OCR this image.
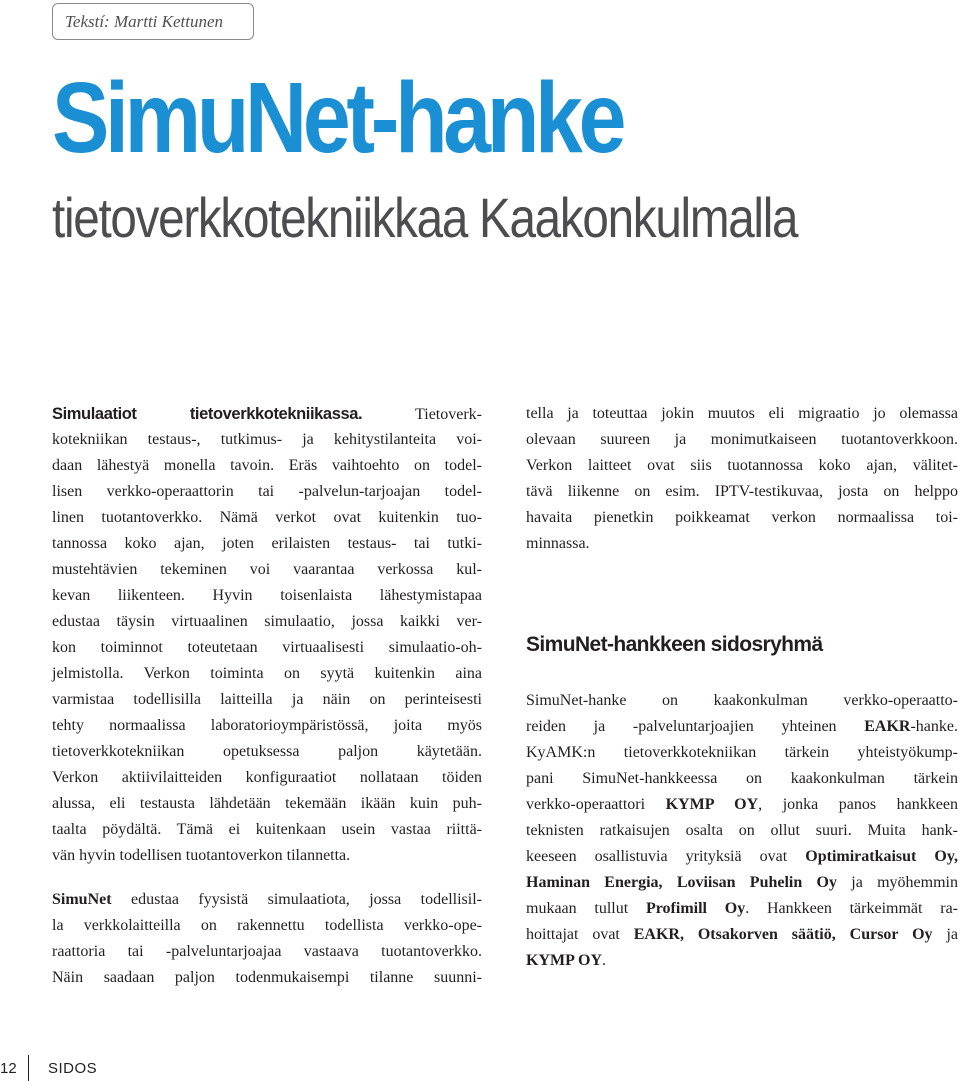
Tekstí: Martti Kettunen
SimuNet-hanke
tietoverkkotekniikkaa Kaakonkulmalla

Simulaatiot tietoverkkotekniikassa. Tietoverk-
kotekniikan testaus-, tutkimus- ja kehitystilanteita voi-
daan lähestyä monella tavoin. Eräs vaihtoehto on todel-
lisen verkko-operaattorin tai -palvelun-tarjoajan todel-
linen tuotantoverkko. Nämä verkot ovat kuitenkin tuo-
tannossa koko ajan, joten erilaisten testaus- tai tutki-
mustehtävien tekeminen voi vaarantaa verkossa kul-
kevan liikenteen. Hyvin toisenlaista lähestymistapaa
edustaa täysin virtuaalinen simulaatio, jossa kaikki ver-
kon toiminnot toteutetaan virtuaalisesti simulaatio-oh-
jelmistolla. Verkon toiminta on syytä kuitenkin aina
varmistaa todellisilla laitteilla ja näin on perinteisesti
tehty normaalissa laboratorioympäristössä, joita myös
tietoverkkotekniikan opetuksessa paljon käytetään.
Verkon aktiivilaitteiden konfiguraatiot nollataan töiden
alussa, eli testausta lähdetään tekemään ikään kuin puh-
taalta pöydältä. Tämä ei kuitenkaan usein vastaa riittä-
vän hyvin todellisen tuotantoverkon tilannetta.

SimuNet edustaa fyysistä simulaatiota, jossa todellisil-
la verkkolaitteilla on rakennettu todellista verkko-ope-
raattoria tai -palveluntarjoajaa vastaava tuotantoverkko.
Näin saadaan paljon todenmukaisempi tilanne suunni-

tella ja toteuttaa jokin muutos eli migraatio jo olemassa
olevaan suureen ja monimutkaiseen tuotantoverkkoon.
Verkon laitteet ovat siis tuotannossa koko ajan, välitet-
tävä liikenne on esim. IPTV-testikuvaa, josta on helppo
havaita pienetkin poikkeamat verkon normaalissa toi-
minnassa.

SimuNet-hankkeen sidosryhmä

SimuNet-hanke on kaakonkulman verkko-operaatto-
reiden ja -palveluntarjoajien yhteinen EAKR-hanke.
KyAMK:n tietoverkkotekniikan tärkein yhteistyökump-
pani SimuNet-hankkeessa on kaakonkulman tärkein
verkko-operaattori KYMP OY, jonka panos hankkeen
teknisten ratkaisujen osalta on ollut suuri. Muita hank-
keeseen osallistuvia yrityksiä ovat Optimiratkaisut Oy,
Haminan Energia, Loviisan Puhelin Oy ja myöhemmin
mukaan tullut Profimill Oy. Hankkeen tärkeimmät ra-
hoittajat ovat EAKR, Otsakorven säätiö, Cursor Oy ja
KYMP OY.

12 SIDOS
